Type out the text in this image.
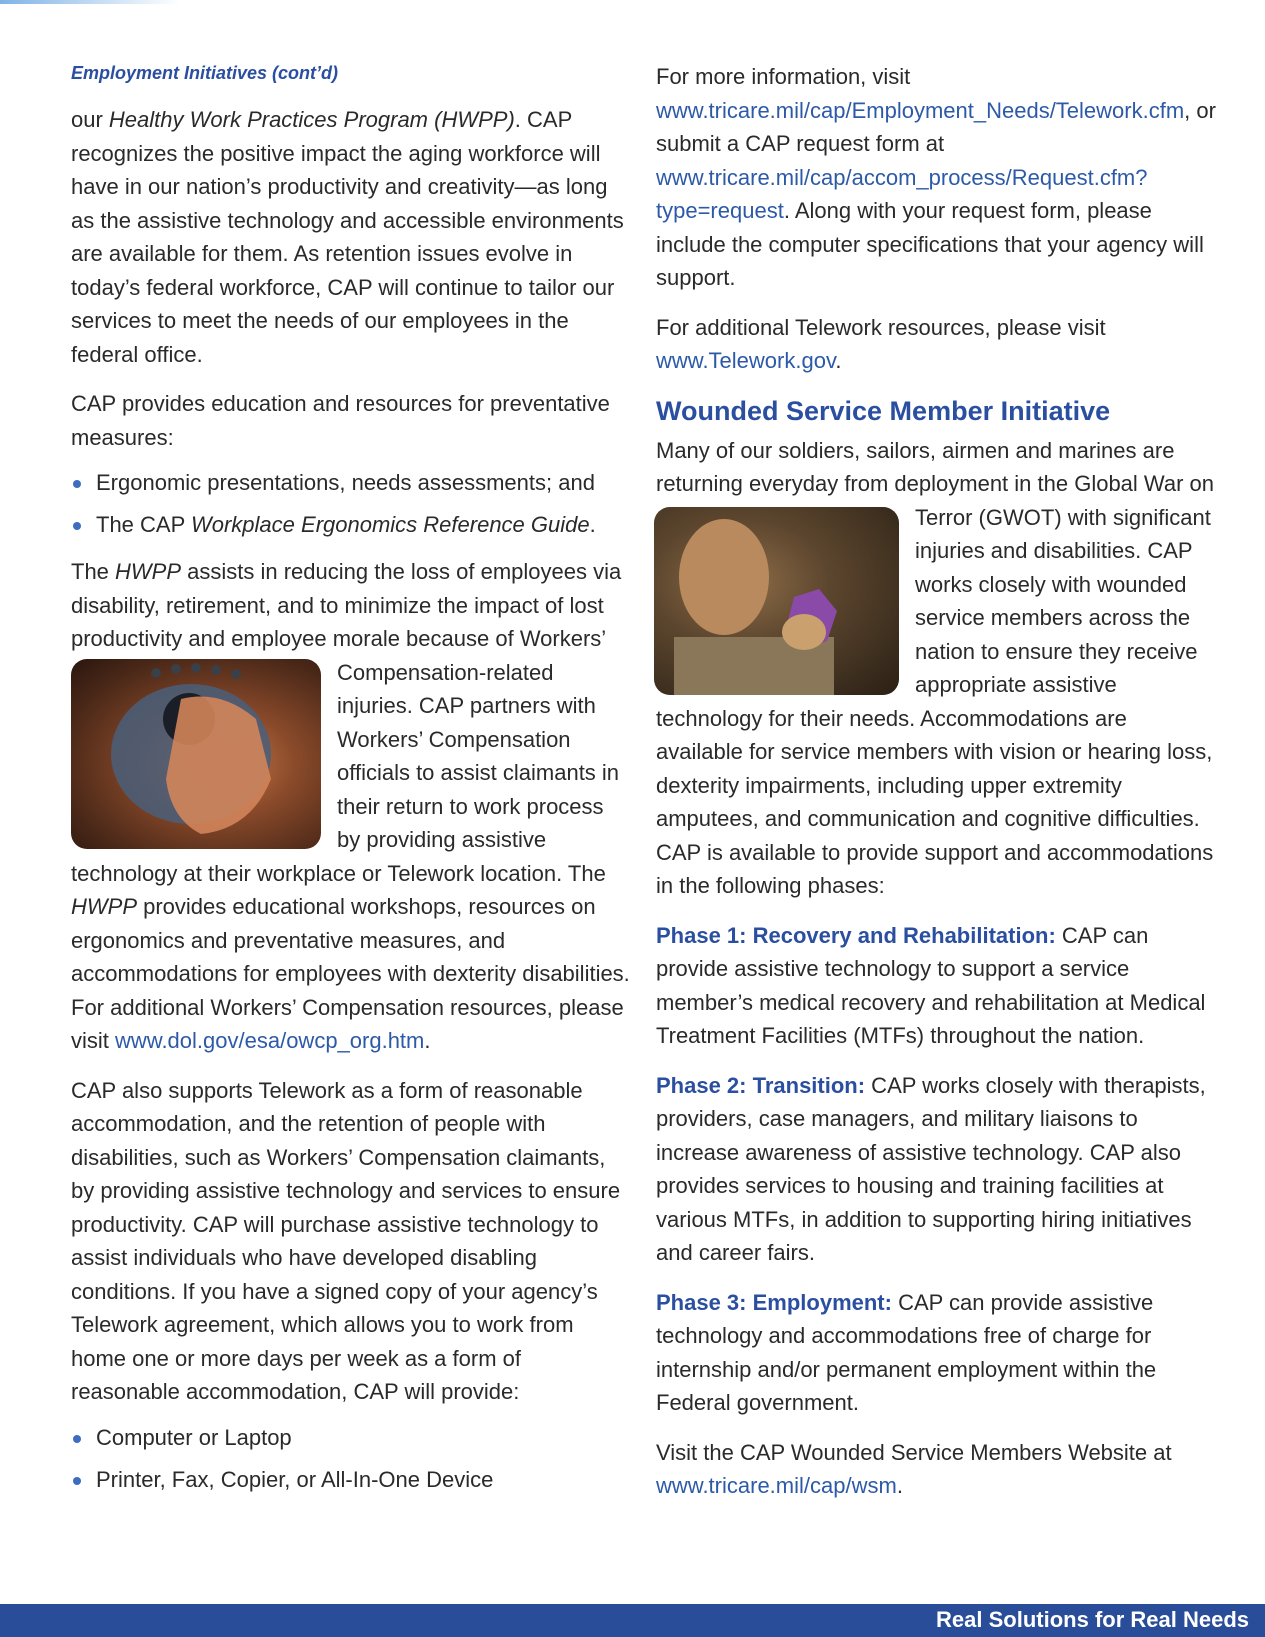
Employment Initiatives (cont’d)

our Healthy Work Practices Program (HWPP). CAP recognizes the positive impact the aging workforce will have in our nation’s productivity and creativity—as long as the assistive technology and accessible environments are available for them. As retention issues evolve in today’s federal workforce, CAP will continue to tailor our services to meet the needs of our employees in the federal office.

CAP provides education and resources for preventative measures:

Ergonomic presentations, needs assessments; and
The CAP Workplace Ergonomics Reference Guide.

The HWPP assists in reducing the loss of employees via disability, retirement, and to minimize the impact of lost productivity and employee morale because of
Workers’ Compensation-related injuries. CAP partners with Workers’ Compensation officials to assist claimants in their return to work process by providing assistive technology at their workplace or Telework location. The HWPP provides educational workshops, resources on ergonomics and preventative measures, and accommodations for employees with dexterity disabilities. For additional Workers’ Compensation resources, please visit www.dol.gov/esa/owcp_org.htm.

CAP also supports Telework as a form of reasonable accommodation, and the retention of people with disabilities, such as Workers’ Compensation claimants, by providing assistive technology and services to ensure productivity. CAP will purchase assistive technology to assist individuals who have developed disabling conditions. If you have a signed copy of your agency’s Telework agreement, which allows you to work from home one or more days per week as a form of reasonable accommodation, CAP will provide:

Computer or Laptop
Printer, Fax, Copier, or All-In-One Device

For more information, visit www.tricare.mil/cap/Employment_Needs/Telework.cfm, or submit a CAP request form at www.tricare.mil/cap/accom_process/Request.cfm?type=request. Along with your request form, please include the computer specifications that your agency will support.

For additional Telework resources, please visit www.Telework.gov.

Wounded Service Member Initiative

Many of our soldiers, sailors, airmen and marines are returning everyday from deployment in the Global
War on Terror (GWOT) with significant injuries and disabilities. CAP works closely with wounded service members across the nation to ensure they receive appropriate assistive technology for their needs. Accommodations are available for service members with vision or hearing loss, dexterity impairments, including upper extremity amputees, and communication and cognitive difficulties. CAP is available to provide support and accommodations in the following phases:

Phase 1: Recovery and Rehabilitation: CAP can provide assistive technology to support a service member’s medical recovery and rehabilitation at Medical Treatment Facilities (MTFs) throughout the nation.

Phase 2: Transition: CAP works closely with therapists, providers, case managers, and military liaisons to increase awareness of assistive technology. CAP also provides services to housing and training facilities at various MTFs, in addition to supporting hiring initiatives and career fairs.

Phase 3: Employment: CAP can provide assistive technology and accommodations free of charge for internship and/or permanent employment within the Federal government.

Visit the CAP Wounded Service Members Website at www.tricare.mil/cap/wsm.

Real Solutions for Real Needs
